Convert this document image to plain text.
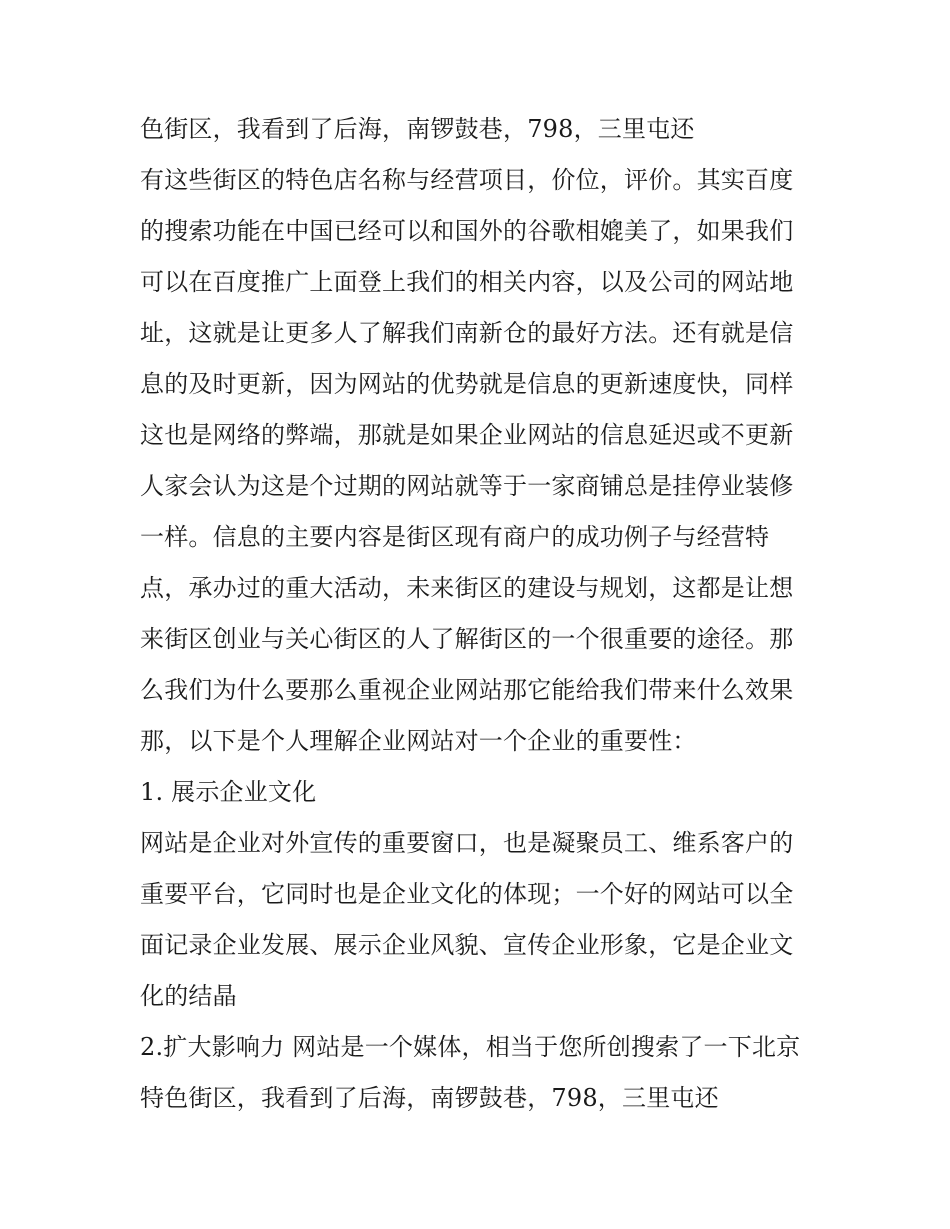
色街区，我看到了后海，南锣鼓巷，798，三里屯还
有这些街区的特色店名称与经营项目，价位，评价。其实百度
的搜索功能在中国已经可以和国外的谷歌相媲美了，如果我们
可以在百度推广上面登上我们的相关内容，以及公司的网站地
址，这就是让更多人了解我们南新仓的最好方法。还有就是信
息的及时更新，因为网站的优势就是信息的更新速度快，同样
这也是网络的弊端，那就是如果企业网站的信息延迟或不更新
人家会认为这是个过期的网站就等于一家商铺总是挂停业装修
一样。信息的主要内容是街区现有商户的成功例子与经营特
点，承办过的重大活动，未来街区的建设与规划，这都是让想
来街区创业与关心街区的人了解街区的一个很重要的途径。那
么我们为什么要那么重视企业网站那它能给我们带来什么效果
那，以下是个人理解企业网站对一个企业的重要性：
1. 展示企业文化
网站是企业对外宣传的重要窗口，也是凝聚员工、维系客户的
重要平台，它同时也是企业文化的体现；一个好的网站可以全
面记录企业发展、展示企业风貌、宣传企业形象，它是企业文
化的结晶
2.扩大影响力 网站是一个媒体，相当于您所创搜索了一下北京
特色街区，我看到了后海，南锣鼓巷，798，三里屯还
